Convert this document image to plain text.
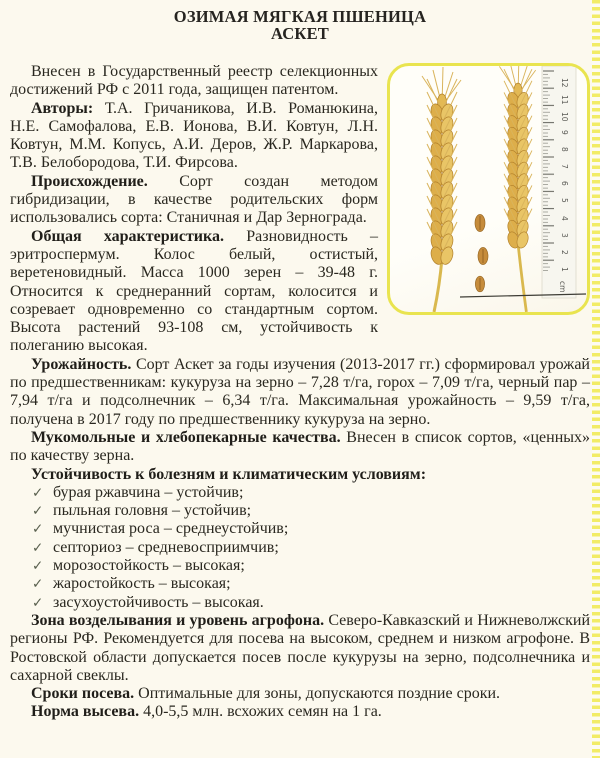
ОЗИМАЯ МЯГКАЯ ПШЕНИЦА
АСКЕТ
12
11
10
9
8
7
6
5
4
3
2
1
cm

Внесен в Государственный реестр селекционных достижений РФ с 2011 года, защищен патентом.

Авторы: Т.А. Гричаникова, И.В. Романюкина, Н.Е. Самофалова, Е.В. Ионова, В.И. Ковтун, Л.Н. Ковтун, М.М. Копусь, А.И. Деров, Ж.Р. Маркарова, Т.В. Белобородова, Т.И. Фирсова.

Происхождение. Сорт создан методом гибридизации, в качестве родительских форм использовались сорта: Станичная и Дар Зернограда.

Общая характеристика. Разновидность – эритроспермум. Колос белый, остистый, веретеновидный. Масса 1000 зерен – 39-48 г. Относится к среднеранний сортам, колосится и созревает одновременно со стандартным сортом. Высота растений 93-108 см, устойчивость к полеганию высокая.

Урожайность. Сорт Аскет за годы изучения (2013-2017 гг.) сформировал урожай по предшественникам: кукуруза на зерно – 7,28 т/га, горох – 7,09 т/га, черный пар – 7,94 т/га и подсолнечник – 6,34 т/га. Максимальная урожайность – 9,59 т/га, получена в 2017 году по предшественнику кукуруза на зерно.

Мукомольные и хлебопекарные качества. Внесен в список сортов, «ценных» по качеству зерна.

Устойчивость к болезням и климатическим условиям:

✓ бурая ржавчина – устойчив;
✓ пыльная головня – устойчив;
✓ мучнистая роса – среднеустойчив;
✓ септориоз – средневосприимчив;
✓ морозостойкость – высокая;
✓ жаростойкость – высокая;
✓ засухоустойчивость – высокая.

Зона возделывания и уровень агрофона. Северо-Кавказский и Нижневолжский регионы РФ. Рекомендуется для посева на высоком, среднем и низком агрофоне. В Ростовской области допускается посев после кукурузы на зерно, подсолнечника и сахарной свеклы.

Сроки посева. Оптимальные для зоны, допускаются поздние сроки.

Норма высева. 4,0-5,5 млн. всхожих семян на 1 га.
